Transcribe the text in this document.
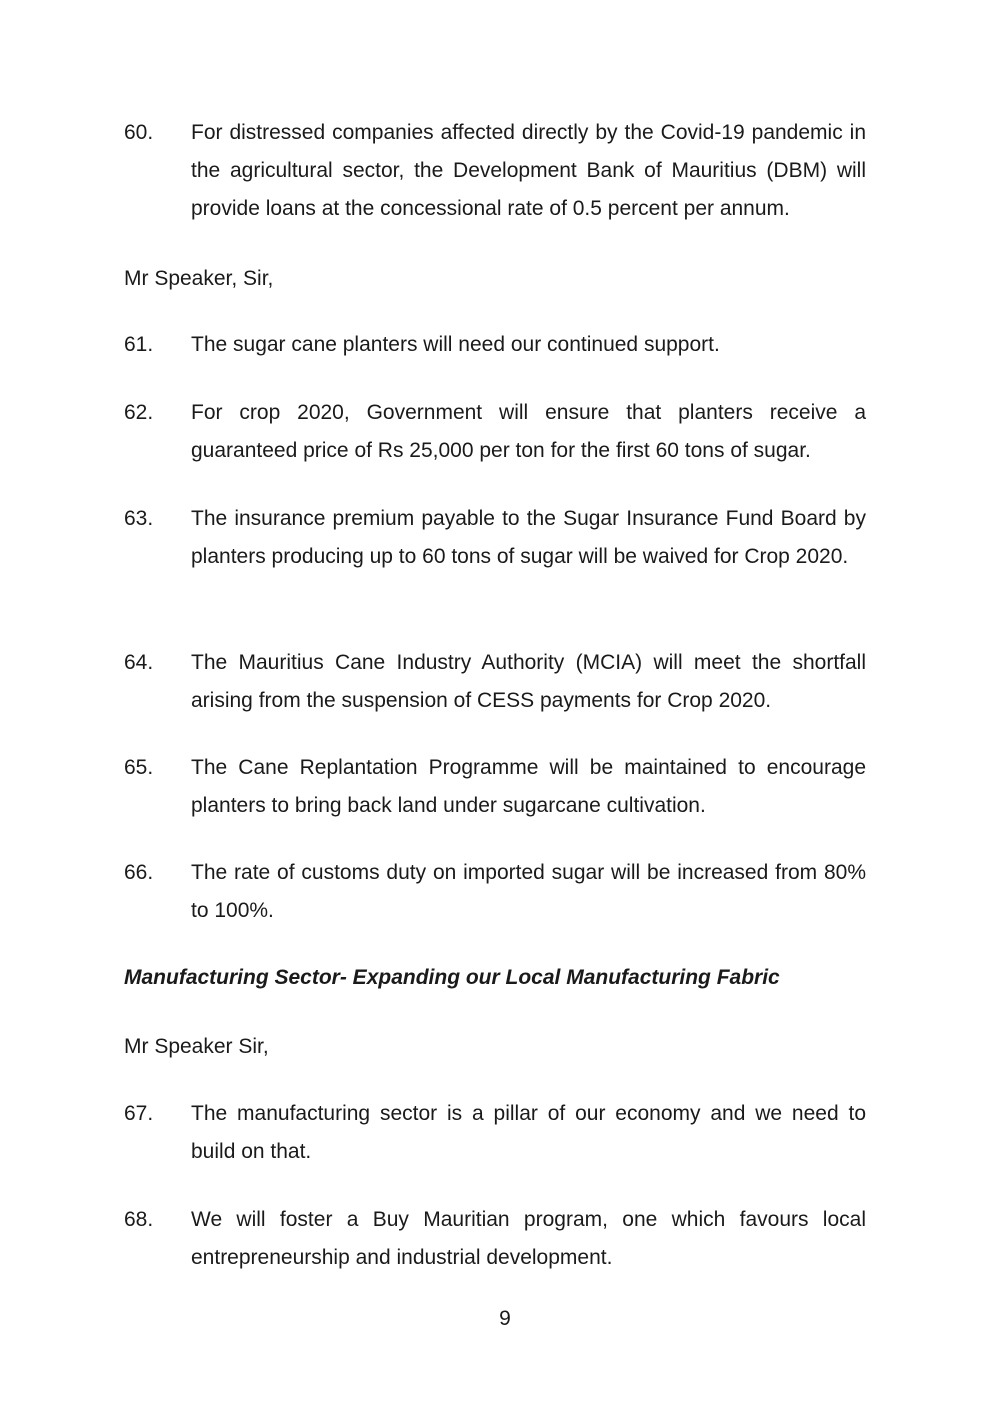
60.	For distressed companies affected directly by the Covid-19 pandemic in the agricultural sector, the Development Bank of Mauritius (DBM) will provide loans at the concessional rate of 0.5 percent per annum.
Mr Speaker, Sir,
61.	The sugar cane planters will need our continued support.
62.	For crop 2020, Government will ensure that planters receive a guaranteed price of Rs 25,000 per ton for the first 60 tons of sugar.
63.	The insurance premium payable to the Sugar Insurance Fund Board by planters producing up to 60 tons of sugar will be waived for Crop 2020.
64.	The Mauritius Cane Industry Authority (MCIA) will meet the shortfall arising from the suspension of CESS payments for Crop 2020.
65.	The Cane Replantation Programme will be maintained to encourage planters to bring back land under sugarcane cultivation.
66.	The rate of customs duty on imported sugar will be increased from 80% to 100%.
Manufacturing Sector- Expanding our Local Manufacturing Fabric
Mr Speaker Sir,
67.	The manufacturing sector is a pillar of our economy and we need to build on that.
68.	We will foster a Buy Mauritian program, one which favours local entrepreneurship and industrial development.
9
